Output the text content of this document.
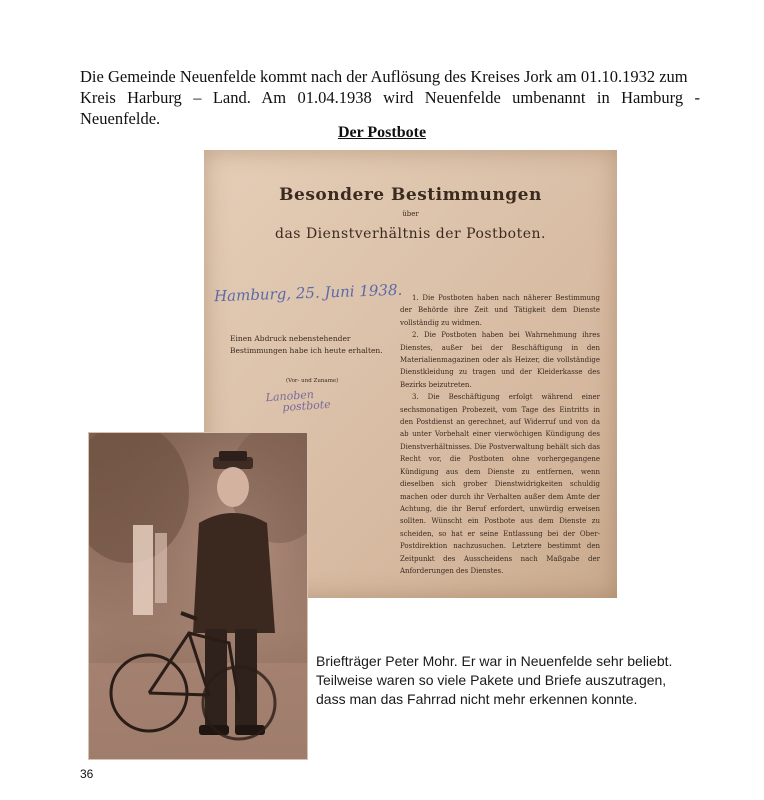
Die Gemeinde Neuenfelde kommt nach der Auflösung des Kreises Jork am 01.10.1932 zum
Kreis Harburg – Land. Am 01.04.1938 wird Neuenfelde umbenannt in Hamburg - Neuenfelde.
Der Postbote
Besondere Bestimmungen
über
das Dienstverhältnis der Postboten.
Hamburg, 25. Juni 1938.
Einen Abdruck nebenstehender Bestimmungen habe ich heute erhalten.
(Vor- und Zuname)
Lanoben
postbote

1. Die Postboten haben nach näherer Bestimmung der Behörde ihre Zeit und Tätigkeit dem Dienste vollständig zu widmen.

2. Die Postboten haben bei Wahrnehmung ihres Dienstes, außer bei der Beschäftigung in den Materialienmagazinen oder als Heizer, die vollständige Dienstkleidung zu tragen und der Kleiderkasse des Bezirks beizutreten.

3. Die Beschäftigung erfolgt während einer sechsmonatigen Probezeit, vom Tage des Eintritts in den Postdienst an gerechnet, auf Widerruf und von da ab unter Vorbehalt einer vierwöchigen Kündigung des Dienstverhältnisses. Die Postverwaltung behält sich das Recht vor, die Postboten ohne vorhergegangene Kündigung aus dem Dienste zu entfernen, wenn dieselben sich grober Dienstwidrigkeiten schuldig machen oder durch ihr Verhalten außer dem Amte der Achtung, die ihr Beruf erfordert, unwürdig erweisen sollten. Wünscht ein Postbote aus dem Dienste zu scheiden, so hat er seine Entlassung bei der Ober-Postdirektion nachzusuchen. Letztere bestimmt den Zeitpunkt des Ausscheidens nach Maßgabe der Anforderungen des Dienstes.

Briefträger Peter Mohr. Er war in Neuenfelde sehr beliebt.
Teilweise waren so viele Pakete und Briefe auszutragen,
dass man das Fahrrad nicht mehr erkennen konnte.
36
